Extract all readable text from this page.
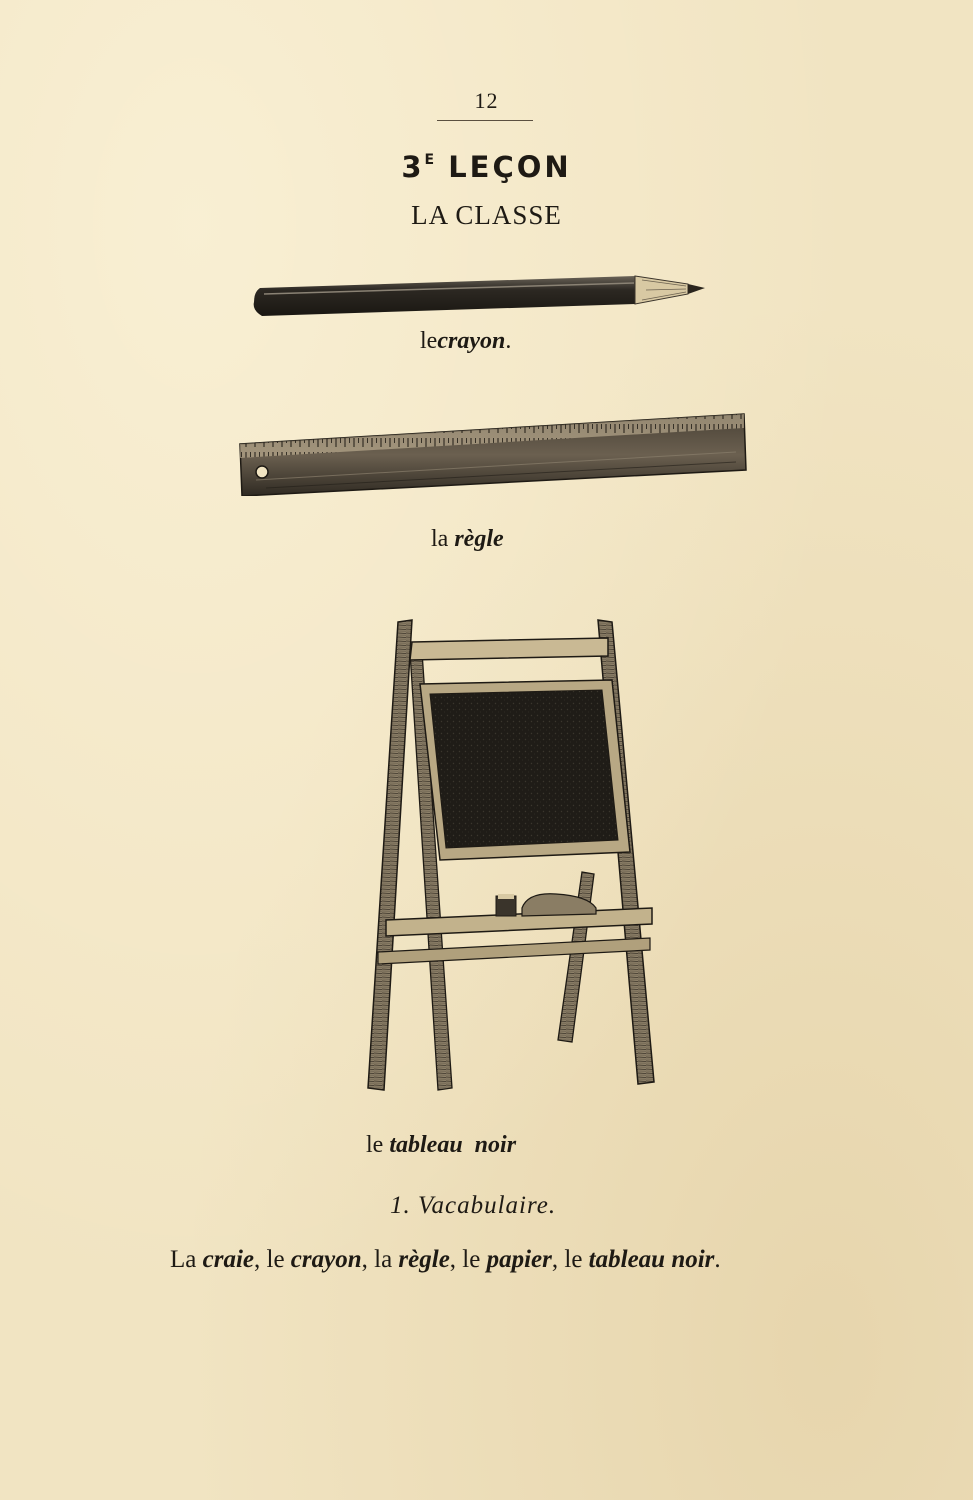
12
$3^E$ LEÇON
LA CLASSE
lecrayon.
la règle
le tableau noir
1. Vacabulaire.
La craie, le crayon, la règle, le papier, le tableau noir.
